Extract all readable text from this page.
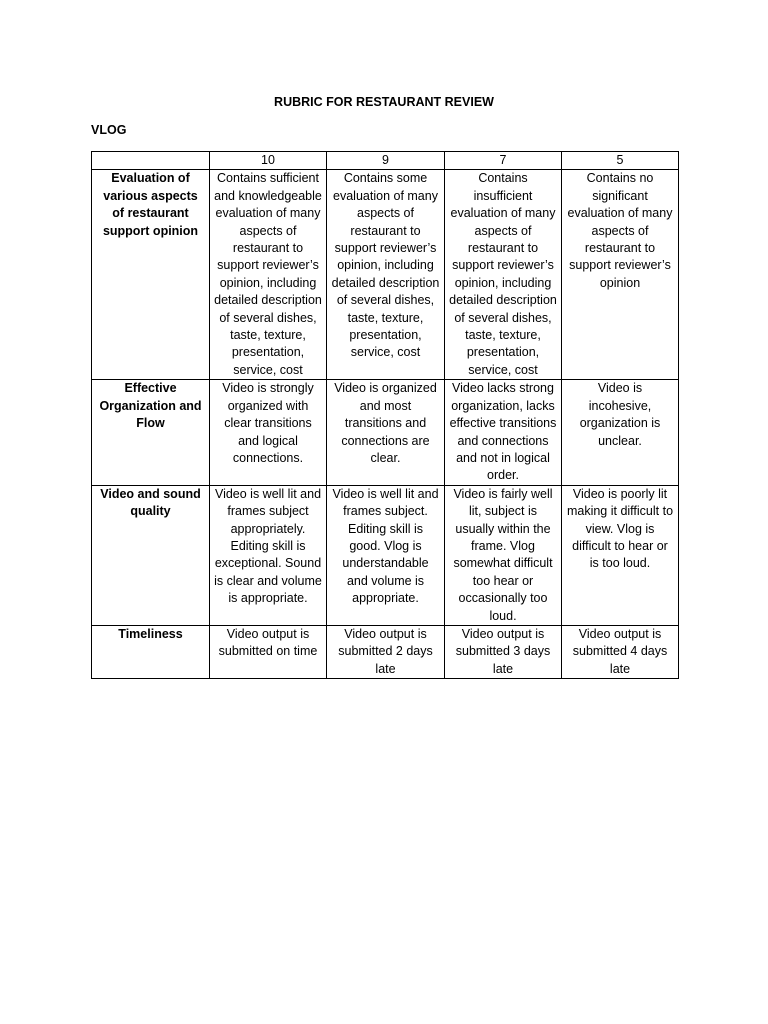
RUBRIC FOR RESTAURANT REVIEW
VLOG
	10	9	7	5
Evaluation of various aspects of restaurant support opinion	Contains sufficient and knowledgeable evaluation of many aspects of restaurant to support reviewer’s opinion, including detailed description of several dishes, taste, texture, presentation, service, cost	Contains some evaluation of many aspects of restaurant to support reviewer’s opinion, including detailed description of several dishes, taste, texture, presentation, service, cost	Contains insufficient evaluation of many aspects of restaurant to support reviewer’s opinion, including detailed description of several dishes, taste, texture, presentation, service, cost	Contains no significant evaluation of many aspects of restaurant to support reviewer’s opinion
Effective Organization and Flow	Video is strongly organized with clear transitions and logical connections.	Video is organized and most transitions and connections are clear.	Video lacks strong organization, lacks effective transitions and connections and not in logical order.	Video is incohesive, organization is unclear.
Video and sound quality	Video is well lit and frames subject appropriately. Editing skill is exceptional. Sound is clear and volume is appropriate.	Video is well lit and frames subject. Editing skill is good. Vlog is understandable and volume is appropriate.	Video is fairly well lit, subject is usually within the frame. Vlog somewhat difficult too hear or occasionally too loud.	Video is poorly lit making it difficult to view. Vlog is difficult to hear or is too loud.
Timeliness	Video output is submitted on time	Video output is submitted 2 days late	Video output is submitted 3 days late	Video output is submitted 4 days late
